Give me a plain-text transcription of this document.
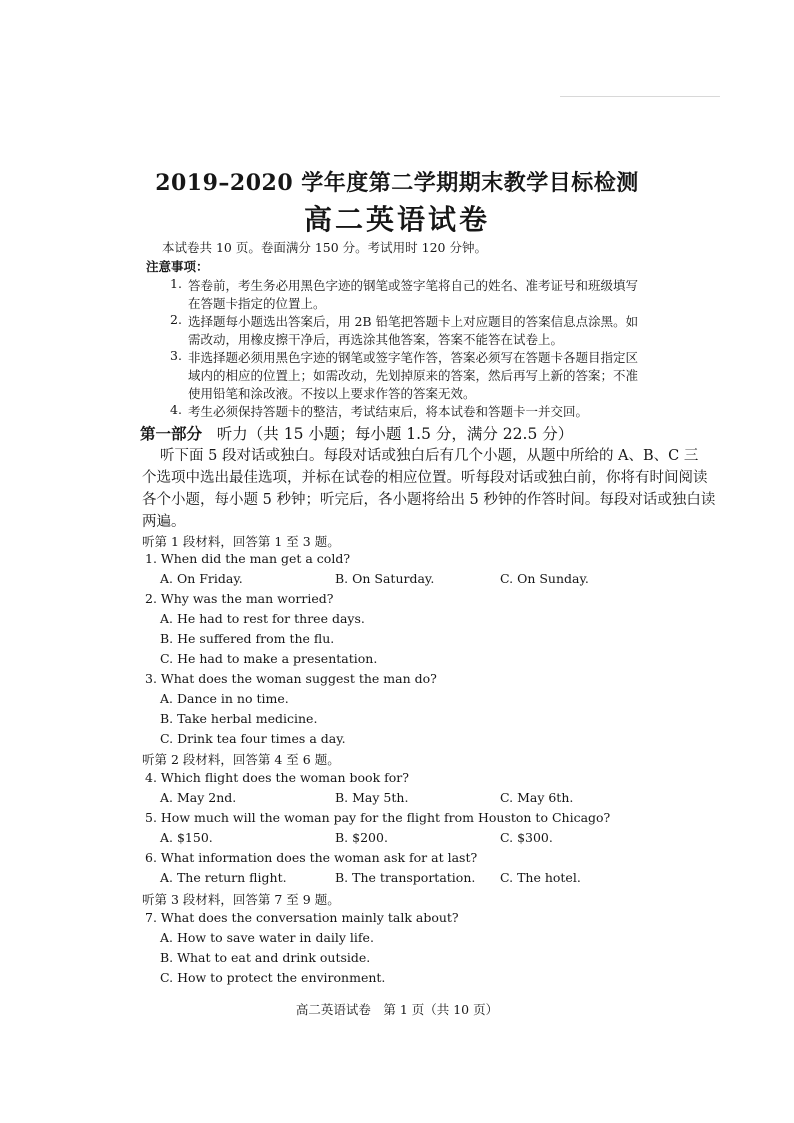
2019–2020 学年度第二学期期末教学目标检测
高二英语试卷
本试卷共 10 页。卷面满分 150 分。考试用时 120 分钟。
注意事项：
1. 答卷前，考生务必用黑色字迹的钢笔或签字笔将自己的姓名、准考证号和班级填写
在答题卡指定的位置上。
2. 选择题每小题选出答案后，用 2B 铅笔把答题卡上对应题目的答案信息点涂黑。如
需改动，用橡皮擦干净后，再选涂其他答案，答案不能答在试卷上。
3. 非选择题必须用黑色字迹的钢笔或签字笔作答，答案必须写在答题卡各题目指定区
域内的相应的位置上；如需改动，先划掉原来的答案，然后再写上新的答案；不准
使用铅笔和涂改液。不按以上要求作答的答案无效。
4. 考生必须保持答题卡的整洁，考试结束后，将本试卷和答题卡一并交回。
第一部分 听力（共 15 小题；每小题 1.5 分，满分 22.5 分）
听下面 5 段对话或独白。每段对话或独白后有几个小题，从题中所给的 A、B、C 三
个选项中选出最佳选项，并标在试卷的相应位置。听每段对话或独白前，你将有时间阅读
各个小题，每小题 5 秒钟；听完后，各小题将给出 5 秒钟的作答时间。每段对话或独白读
两遍。
听第 1 段材料，回答第 1 至 3 题。
1. When did the man get a cold?
A. On Friday.	B. On Saturday.	C. On Sunday.
2. Why was the man worried?
A. He had to rest for three days.
B. He suffered from the flu.
C. He had to make a presentation.
3. What does the woman suggest the man do?
A. Dance in no time.
B. Take herbal medicine.
C. Drink tea four times a day.
听第 2 段材料，回答第 4 至 6 题。
4. Which flight does the woman book for?
A. May 2nd.	B. May 5th.	C. May 6th.
5. How much will the woman pay for the flight from Houston to Chicago?
A. $150.	B. $200.	C. $300.
6. What information does the woman ask for at last?
A. The return flight.	B. The transportation. C. The hotel.
听第 3 段材料，回答第 7 至 9 题。
7. What does the conversation mainly talk about?
A. How to save water in daily life.
B. What to eat and drink outside.
C. How to protect the environment.
高二英语试卷　第 1 页（共 10 页）
